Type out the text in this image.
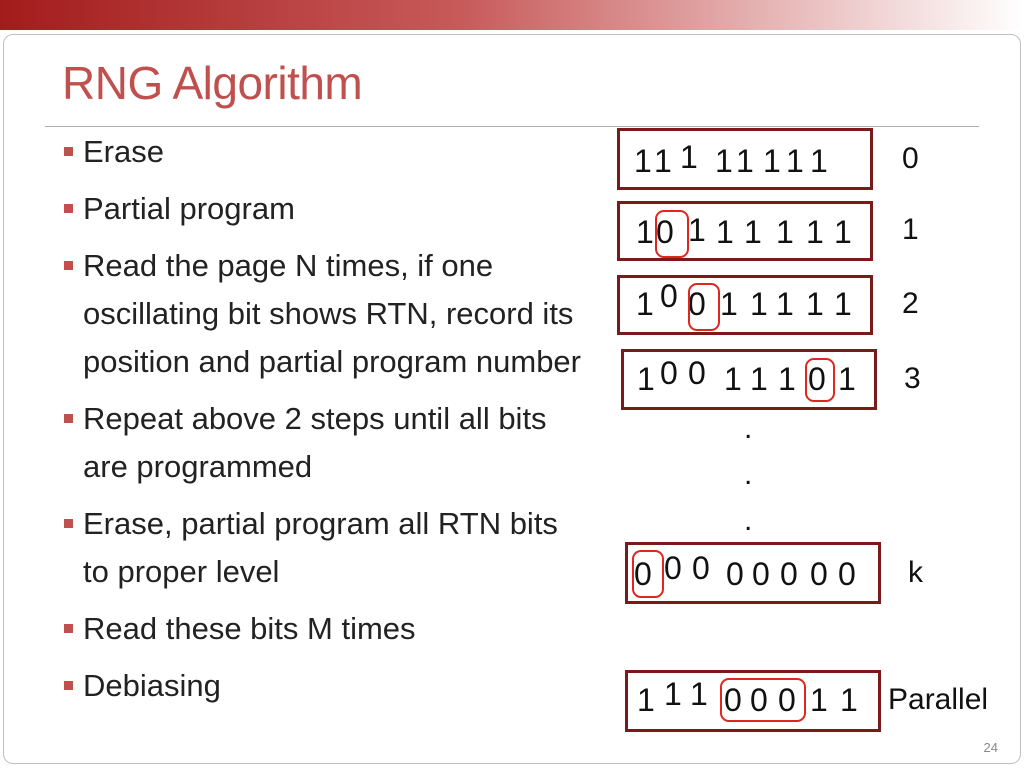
RNG Algorithm
Erase
Partial program
Read the page N times, if one oscillating bit shows RTN, record its position and partial program number
Repeat above 2 steps until all bits are programmed
Erase, partial program all RTN bits to proper level
Read these bits M times
Debiasing
1 1 1 1 1 1 1 1 0
1 0 1 1 1 1 1 1 1
1 0 0 1 1 1 1 1 2
1 0 0 1 1 1 0 1 3
0 0 0 0 0 0 0 0 k
1 1 1 0 0 0 1 1 Parallel
.
.
.
24
